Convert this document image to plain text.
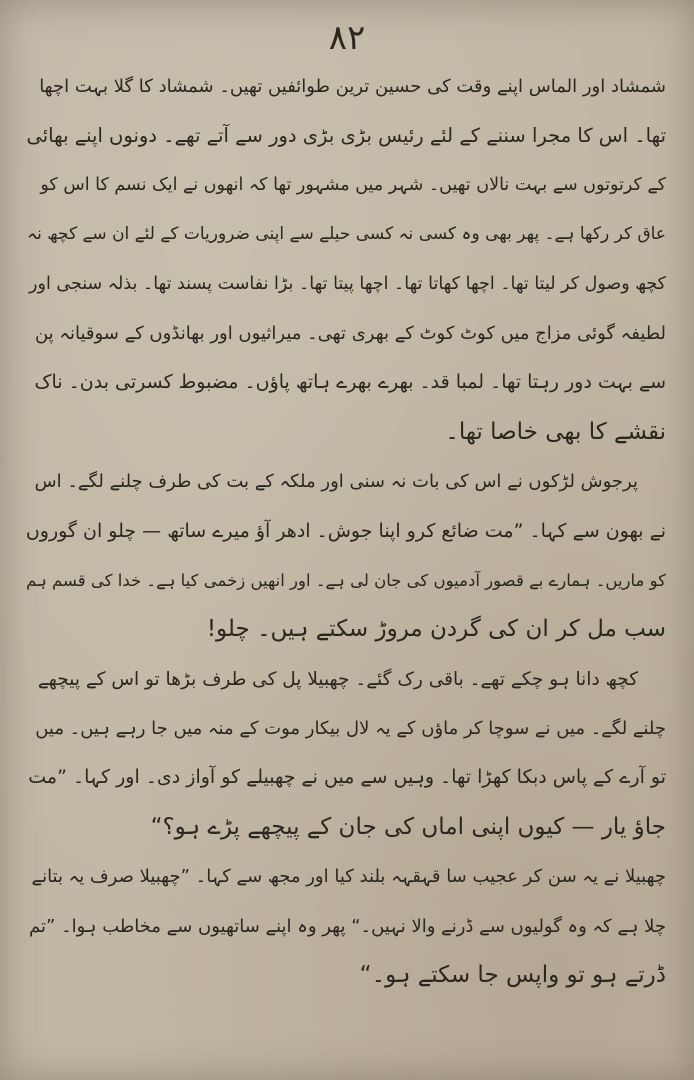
۸۲
شمشاد اور الماس اپنے وقت کی حسین ترین طوائفیں تھیں۔ شمشاد کا گلا بہت اچھا
تھا۔ اس کا مجرا سننے کے لئے رئیس بڑی بڑی دور سے آتے تھے۔ دونوں اپنے بھائی
کے کرتوتوں سے بہت نالاں تھیں۔ شہر میں مشہور تھا کہ انھوں نے ایک نسم کا اس کو
عاق کر رکھا ہے۔ پھر بھی وہ کسی نہ کسی حیلے سے اپنی ضروریات کے لئے ان سے کچھ نہ
کچھ وصول کر لیتا تھا۔ اچھا کھاتا تھا۔ اچھا پیتا تھا۔ بڑا نفاست پسند تھا۔ بذلہ سنجی اور
لطیفہ گوئی مزاج میں کوٹ کوٹ کے بھری تھی۔ میراثیوں اور بھانڈوں کے سوقیانہ پن
سے بہت دور رہتا تھا۔ لمبا قد۔ بھرے بھرے ہاتھ پاؤں۔ مضبوط کسرتی بدن۔ ناک
نقشے کا بھی خاصا تھا۔
پرجوش لڑکوں نے اس کی بات نہ سنی اور ملکہ کے بت کی طرف چلنے لگے۔ اس
نے بھون سے کہا۔ ”مت ضائع کرو اپنا جوش۔ ادھر آؤ میرے ساتھ — چلو ان گوروں
کو ماریں۔ ہمارے بے قصور آدمیوں کی جان لی ہے۔ اور انھیں زخمی کیا ہے۔ خدا کی قسم ہم
سب مل کر ان کی گردن مروڑ سکتے ہیں۔ چلو!
کچھ دانا ہو چکے تھے۔ باقی رک گئے۔ چھبیلا پل کی طرف بڑھا تو اس کے پیچھے
چلنے لگے۔ میں نے سوچا کر ماؤں کے یہ لال بیکار موت کے منہ میں جا رہے ہیں۔ میں
تو آرے کے پاس دبکا کھڑا تھا۔ وہیں سے میں نے چھبیلے کو آواز دی۔ اور کہا۔ ”مت
جاؤ یار — کیوں اپنی اماں کی جان کے پیچھے پڑے ہو؟“
چھبیلا نے یہ سن کر عجیب سا قہقہہ بلند کیا اور مجھ سے کہا۔ ”چھبیلا صرف یہ بتانے
چلا ہے کہ وہ گولیوں سے ڈرنے والا نہیں۔“ پھر وہ اپنے ساتھیوں سے مخاطب ہوا۔ ”تم
ڈرتے ہو تو واپس جا سکتے ہو۔“
